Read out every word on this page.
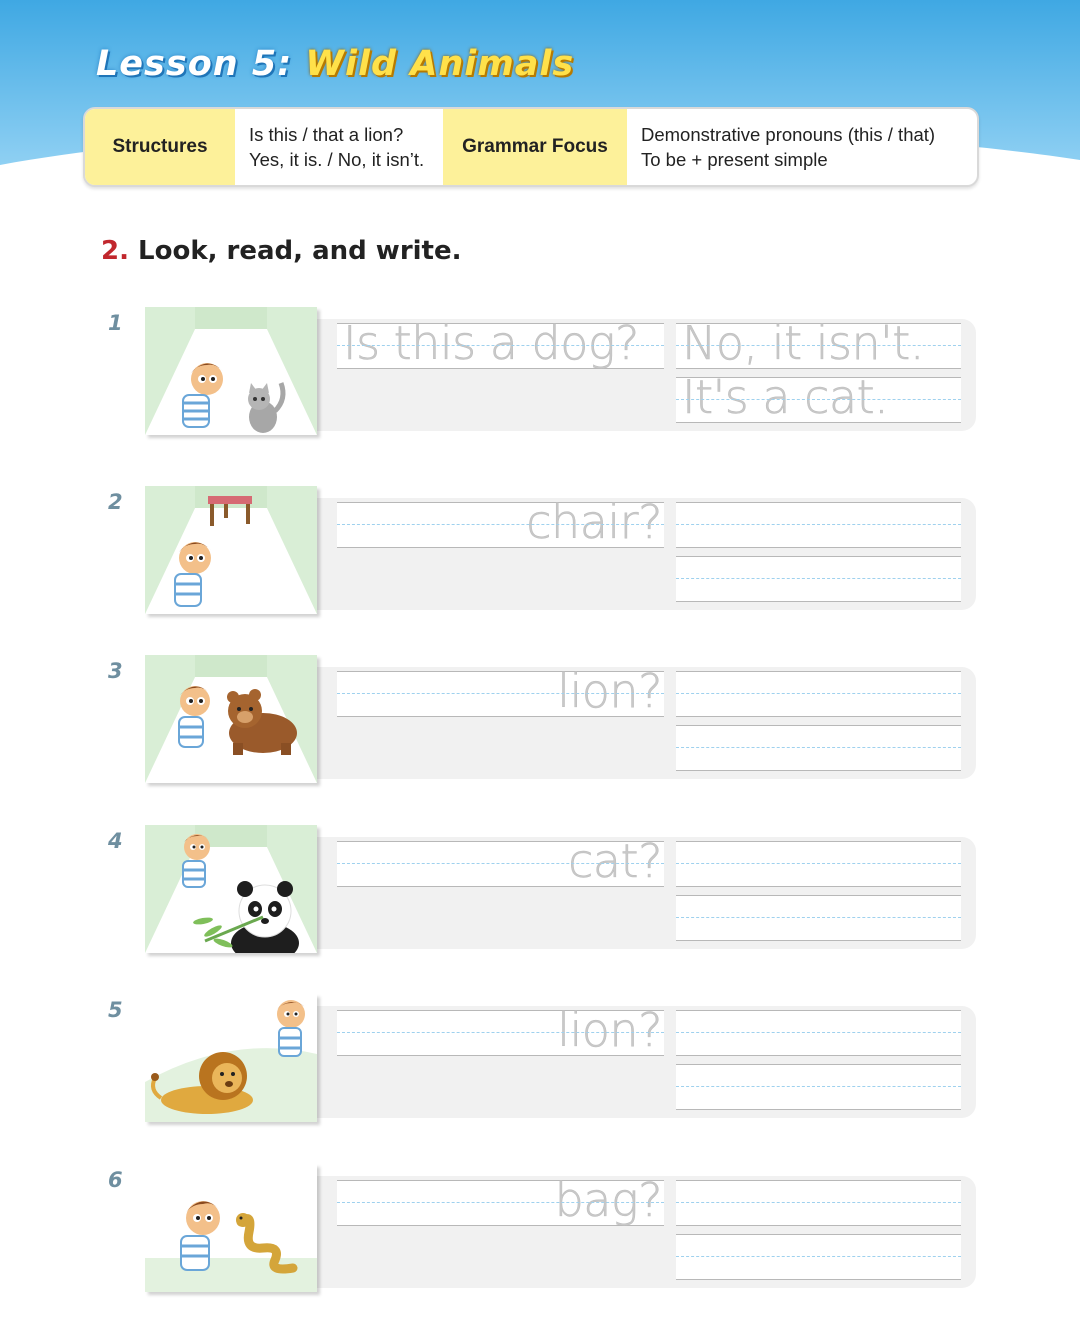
Lesson 5: Wild Animals
Structures
Is this / that a lion?
Yes, it is. / No, it isn’t.
Grammar Focus
Demonstrative pronouns (this / that)
To be + present simple
2. Look, read, and write.
1	Is this a dog? No, it isn't.
It's a cat.
2	chair?
3	lion?
4	cat?
5	lion?
6	bag?
